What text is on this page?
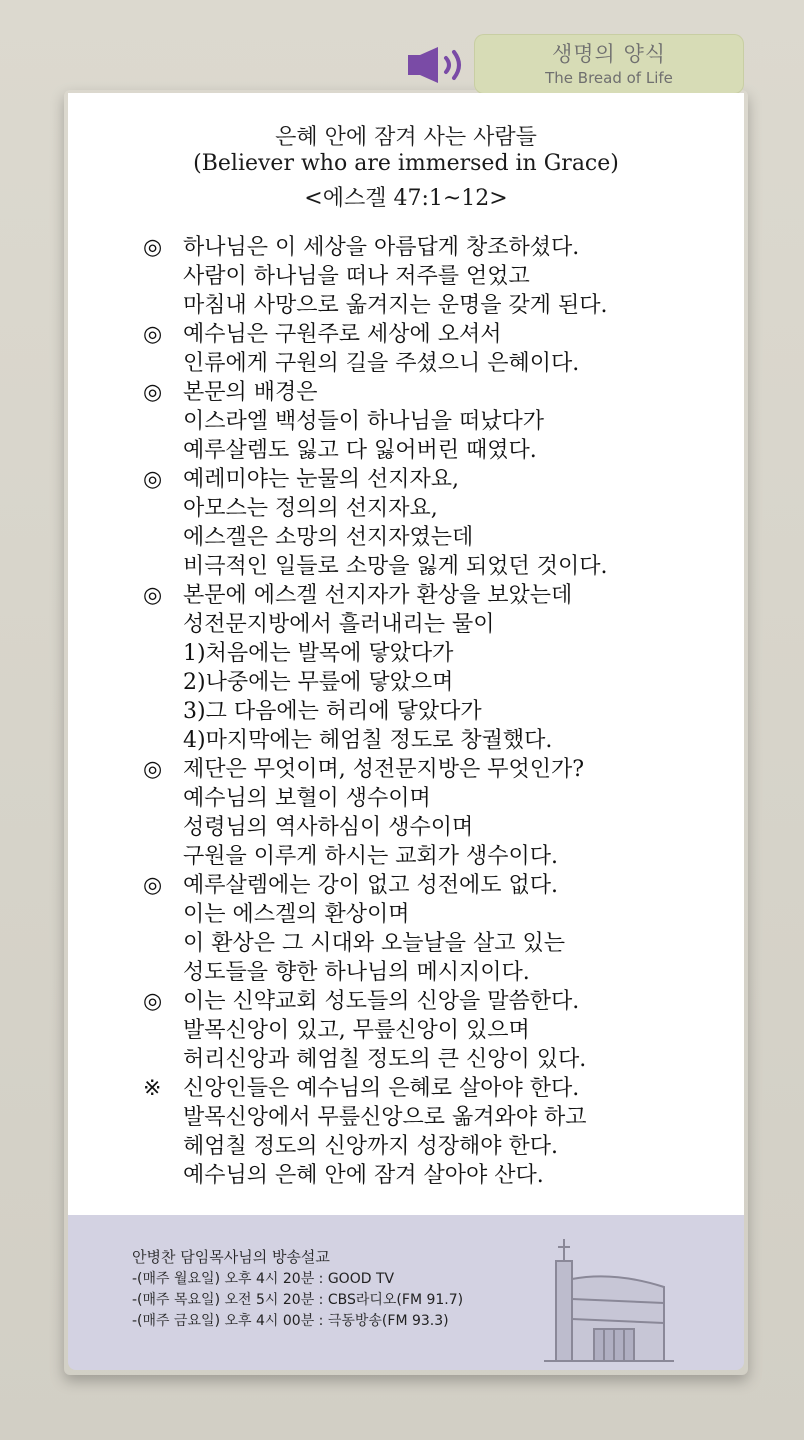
생명의 양식
The Bread of Life
은혜 안에 잠겨 사는 사람들
(Believer who are immersed in Grace)
<에스겔 47:1~12>
◎ 하나님은 이 세상을 아름답게 창조하셨다.
사람이 하나님을 떠나 저주를 얻었고
마침내 사망으로 옮겨지는 운명을 갖게 된다.
◎ 예수님은 구원주로 세상에 오셔서
인류에게 구원의 길을 주셨으니 은혜이다.
◎ 본문의 배경은
이스라엘 백성들이 하나님을 떠났다가
예루살렘도 잃고 다 잃어버린 때였다.
◎ 예레미야는 눈물의 선지자요,
아모스는 정의의 선지자요,
에스겔은 소망의 선지자였는데
비극적인 일들로 소망을 잃게 되었던 것이다.
◎ 본문에 에스겔 선지자가 환상을 보았는데
성전문지방에서 흘러내리는 물이
1)처음에는 발목에 닿았다가
2)나중에는 무릎에 닿았으며
3)그 다음에는 허리에 닿았다가
4)마지막에는 헤엄칠 정도로 창궐했다.
◎ 제단은 무엇이며, 성전문지방은 무엇인가?
예수님의 보혈이 생수이며
성령님의 역사하심이 생수이며
구원을 이루게 하시는 교회가 생수이다.
◎ 예루살렘에는 강이 없고 성전에도 없다.
이는 에스겔의 환상이며
이 환상은 그 시대와 오늘날을 살고 있는
성도들을 향한 하나님의 메시지이다.
◎ 이는 신약교회 성도들의 신앙을 말씀한다.
발목신앙이 있고, 무릎신앙이 있으며
허리신앙과 헤엄칠 정도의 큰 신앙이 있다.
※ 신앙인들은 예수님의 은혜로 살아야 한다.
발목신앙에서 무릎신앙으로 옮겨와야 하고
헤엄칠 정도의 신앙까지 성장해야 한다.
예수님의 은혜 안에 잠겨 살아야 산다.
안병찬 담임목사님의 방송설교
-(매주 월요일) 오후 4시 20분 : GOOD TV
-(매주 목요일) 오전 5시 20분 : CBS라디오(FM 91.7)
-(매주 금요일) 오후 4시 00분 : 극동방송(FM 93.3)
